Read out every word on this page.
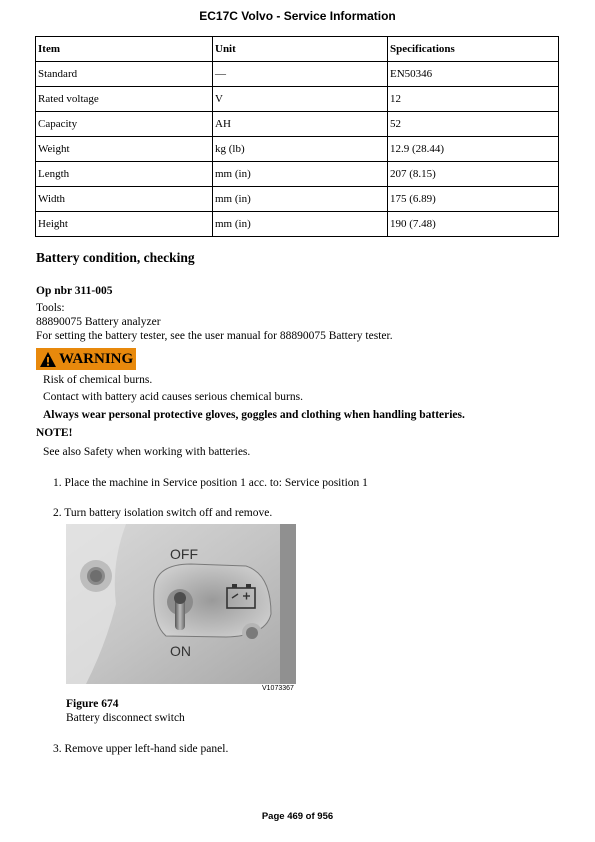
EC17C Volvo - Service Information
Item	Unit	Specifications
Standard	—	EN50346
Rated voltage	V	12
Capacity	AH	52
Weight	kg (lb)	12.9 (28.44)
Length	mm (in)	207 (8.15)
Width	mm (in)	175 (6.89)
Height	mm (in)	190 (7.48)
Battery condition, checking
Op nbr 311-005
Tools:
88890075 Battery analyzer
For setting the battery tester, see the user manual for 88890075 Battery tester.
WARNING
Risk of chemical burns.
Contact with battery acid causes serious chemical burns.
Always wear personal protective gloves, goggles and clothing when handling batteries.
NOTE!
See also Safety when working with batteries.
1. Place the machine in Service position 1 acc. to: Service position 1
2. Turn battery isolation switch off and remove.
OFF
ON
V1073367
Figure 674
Battery disconnect switch
3. Remove upper left-hand side panel.
Page 469 of 956
